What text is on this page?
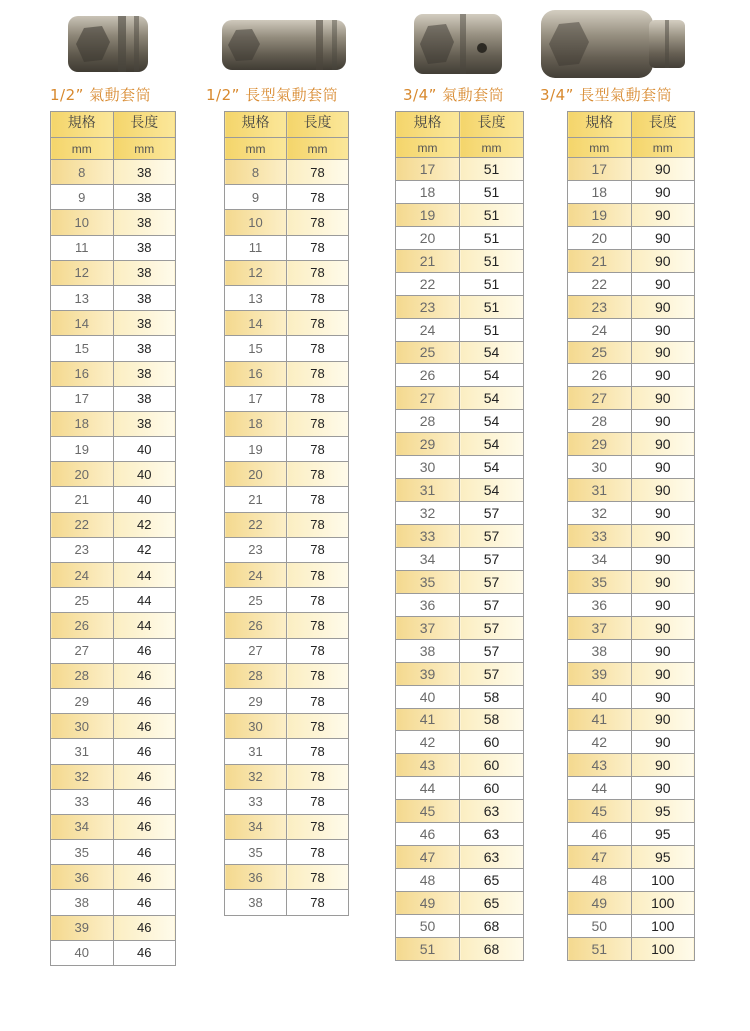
1/2” 氣動套筒	1/2” 長型氣動套筒	3/4” 氣動套筒 3/4” 長型氣動套筒
規格	長度
mm	mm
8	38
9	38
10	38
11	38
12	38
13	38
14	38
15	38
16	38
17	38
18	38
19	40
20	40
21	40
22	42
23	42
24	44
25	44
26	44
27	46
28	46
29	46
30	46
31	46
32	46
33	46
34	46
35	46
36	46
38	46
39	46
40	46
規格	長度
mm	mm
8	78
9	78
10	78
11	78
12	78
13	78
14	78
15	78
16	78
17	78
18	78
19	78
20	78
21	78
22	78
23	78
24	78
25	78
26	78
27	78
28	78
29	78
30	78
31	78
32	78
33	78
34	78
35	78
36	78
38	78
規格	長度
mm	mm
17	51
18	51
19	51
20	51
21	51
22	51
23	51
24	51
25	54
26	54
27	54
28	54
29	54
30	54
31	54
32	57
33	57
34	57
35	57
36	57
37	57
38	57
39	57
40	58
41	58
42	60
43	60
44	60
45	63
46	63
47	63
48	65
49	65
50	68
51	68
規格	長度
mm	mm
17	90
18	90
19	90
20	90
21	90
22	90
23	90
24	90
25	90
26	90
27	90
28	90
29	90
30	90
31	90
32	90
33	90
34	90
35	90
36	90
37	90
38	90
39	90
40	90
41	90
42	90
43	90
44	90
45	95
46	95
47	95
48	100
49	100
50	100
51	100
